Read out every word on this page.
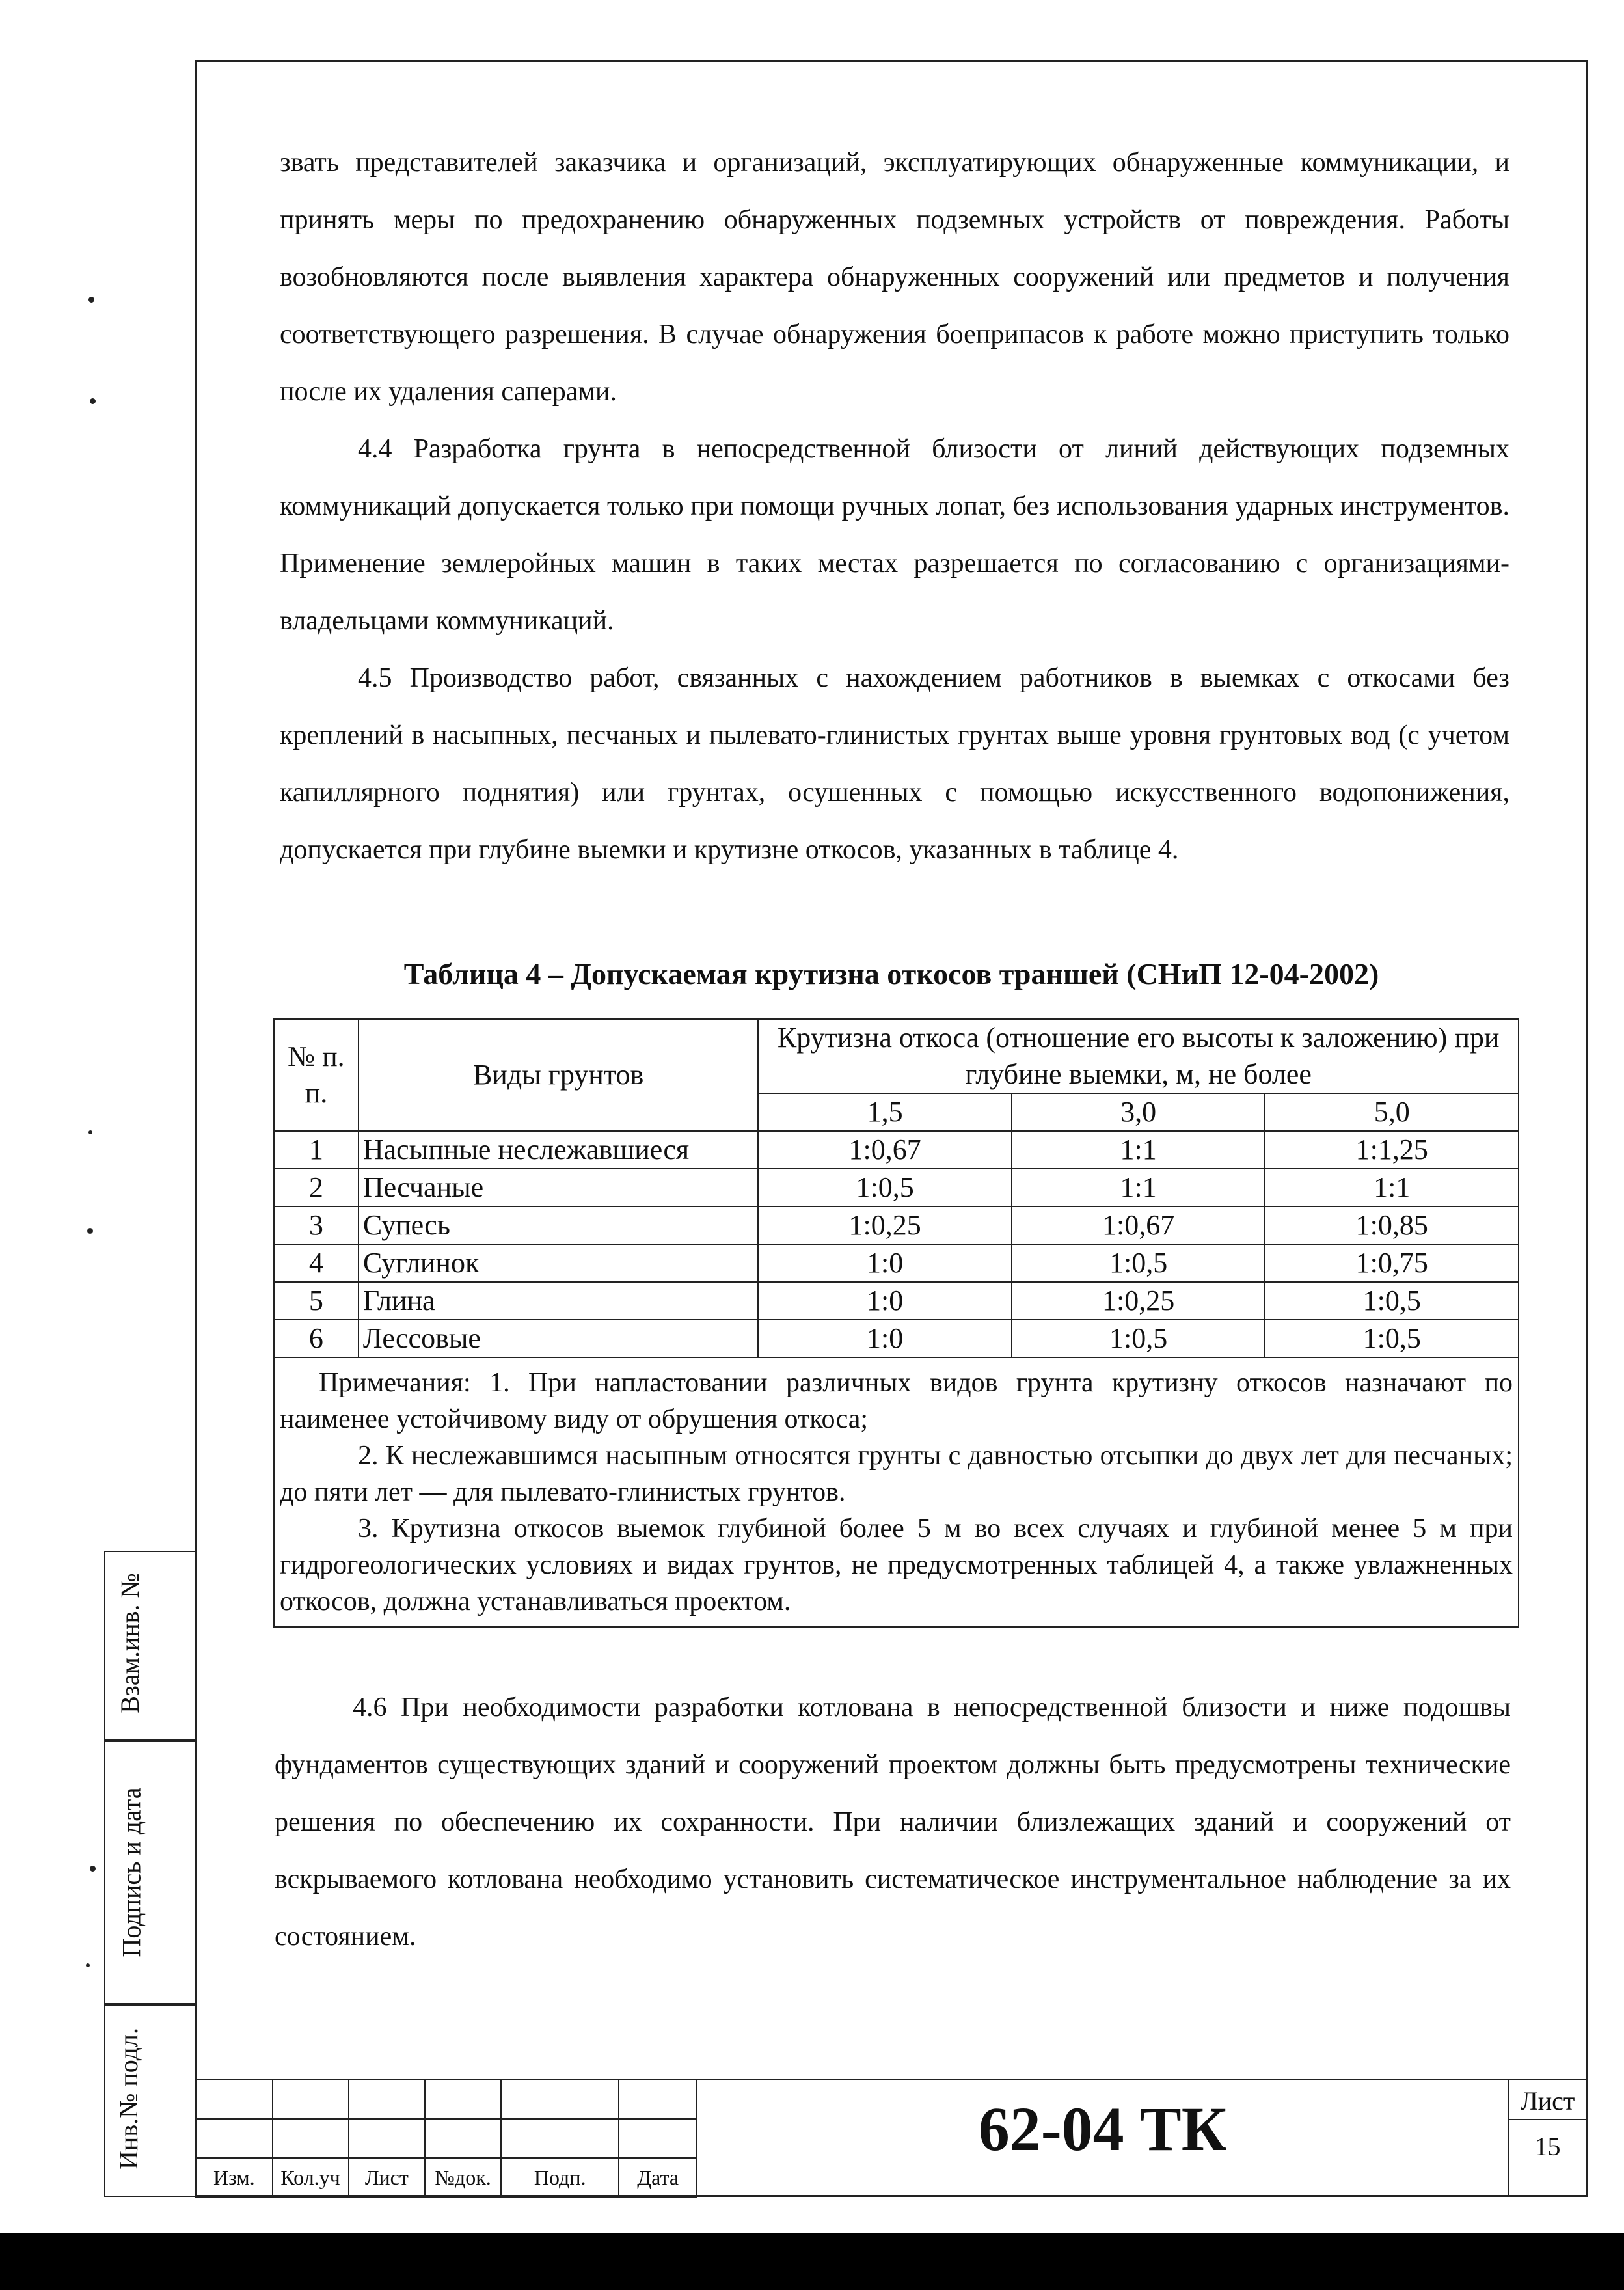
звать представителей заказчика и организаций, эксплуатирующих обнаруженные коммуникации, и принять меры по предохранению обнаруженных подземных устройств от повреждения. Работы возобновляются после выявления характера обнаруженных сооружений или предметов и получения соответствующего разрешения. В случае обнаружения боеприпасов к работе можно приступить только после их удаления саперами.

4.4 Разработка грунта в непосредственной близости от линий действующих подземных коммуникаций допускается только при помощи ручных лопат, без использования ударных инструментов. Применение землеройных машин в таких местах разрешается по согласованию с организациями-владельцами коммуникаций.

4.5 Производство работ, связанных с нахождением работников в выемках с откосами без креплений в насыпных, песчаных и пылевато-глинистых грунтах выше уровня грунтовых вод (с учетом капиллярного поднятия) или грунтах, осушенных с помощью искусственного водопонижения, допускается при глубине выемки и крутизне откосов, указанных в таблице 4.

Таблица 4 – Допускаемая крутизна откосов траншей (СНиП 12-04-2002)
№ п. п.	Виды грунтов	Крутизна откоса (отношение его высоты к заложению) при глубине выемки, м, не более		
		1,5	3,0	5,0
1	Насыпные неслежавшиеся	1:0,67	1:1	1:1,25
2	Песчаные	1:0,5	1:1	1:1
3	Супесь	1:0,25	1:0,67	1:0,85
4	Суглинок	1:0	1:0,5	1:0,75
5	Глина	1:0	1:0,25	1:0,5
6	Лессовые	1:0	1:0,5	1:0,5

Примечания: 1. При напластовании различных видов грунта крутизну откосов назначают по наименее устойчивому виду от обрушения откоса;
2. К неслежавшимся насыпным относятся грунты с давностью отсыпки до двух лет для песчаных; до пяти лет — для пылевато-глинистых грунтов.
3. Крутизна откосов выемок глубиной более 5 м во всех случаях и глубиной менее 5 м при гидрогеологических условиях и видах грунтов, не предусмотренных таблицей 4, а также увлажненных откосов, должна устанавливаться проектом.				

4.6 При необходимости разработки котлована в непосредственной близости и ниже подошвы фундаментов существующих зданий и сооружений проектом должны быть предусмотрены технические решения по обеспечению их сохранности. При наличии близлежащих зданий и сооружений от вскрываемого котлована необходимо установить систематическое инструментальное наблюдение за их состоянием.

Взам.инв. №
Подпись и дата
Инв.№ подл.

Изм.	Кол.уч	Лист	№док.	Подп.	Дата
62-04 ТК	Лист
15
